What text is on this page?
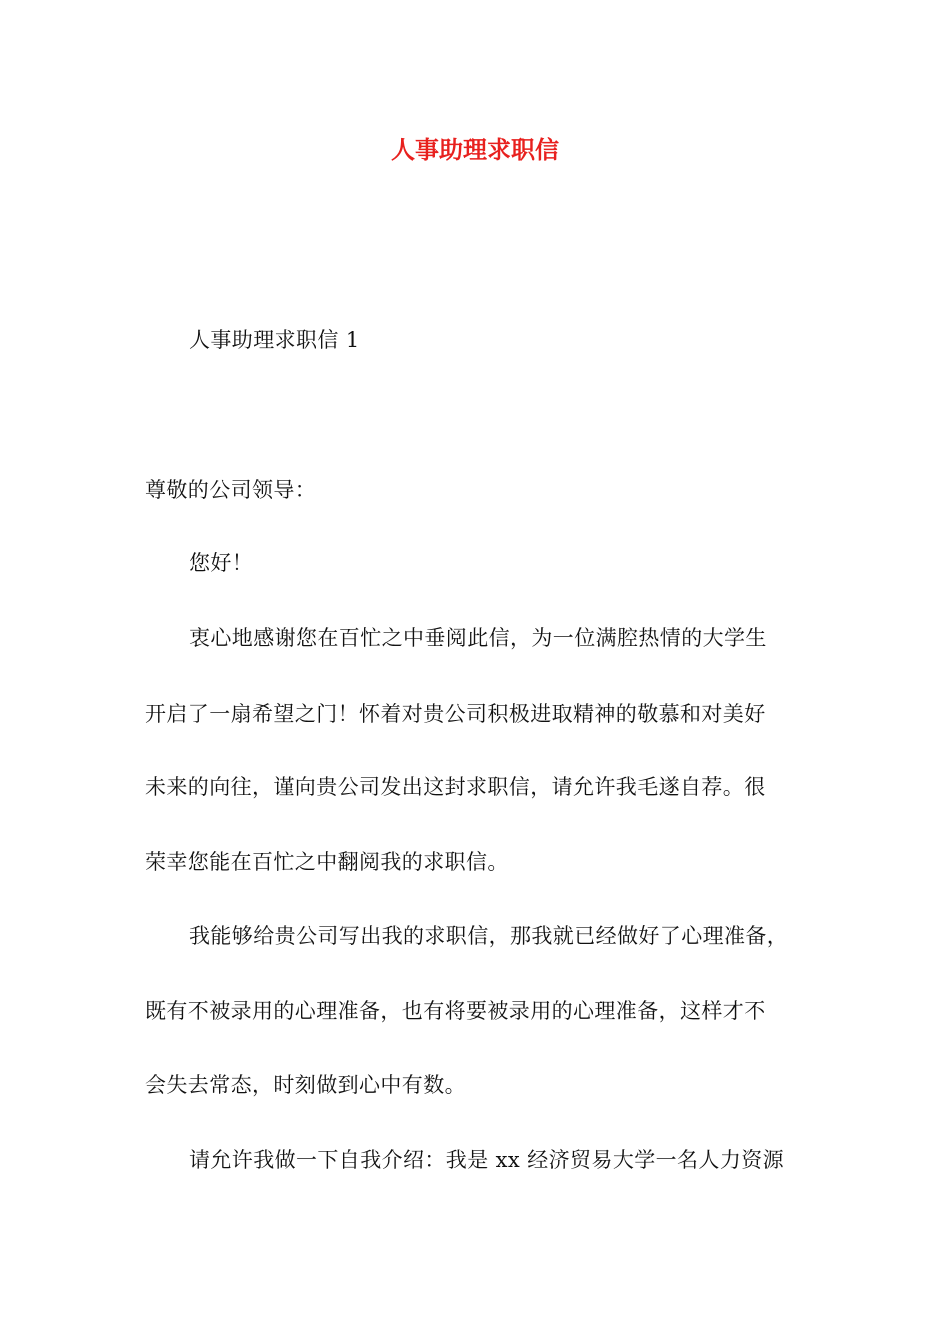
人事助理求职信
人事助理求职信 1
尊敬的公司领导：
您好！
衷心地感谢您在百忙之中垂阅此信，为一位满腔热情的大学生
开启了一扇希望之门！怀着对贵公司积极进取精神的敬慕和对美好
未来的向往，谨向贵公司发出这封求职信，请允许我毛遂自荐。很
荣幸您能在百忙之中翻阅我的求职信。
我能够给贵公司写出我的求职信，那我就已经做好了心理准备，
既有不被录用的心理准备，也有将要被录用的心理准备，这样才不
会失去常态，时刻做到心中有数。
请允许我做一下自我介绍：我是 xx 经济贸易大学一名人力资源
